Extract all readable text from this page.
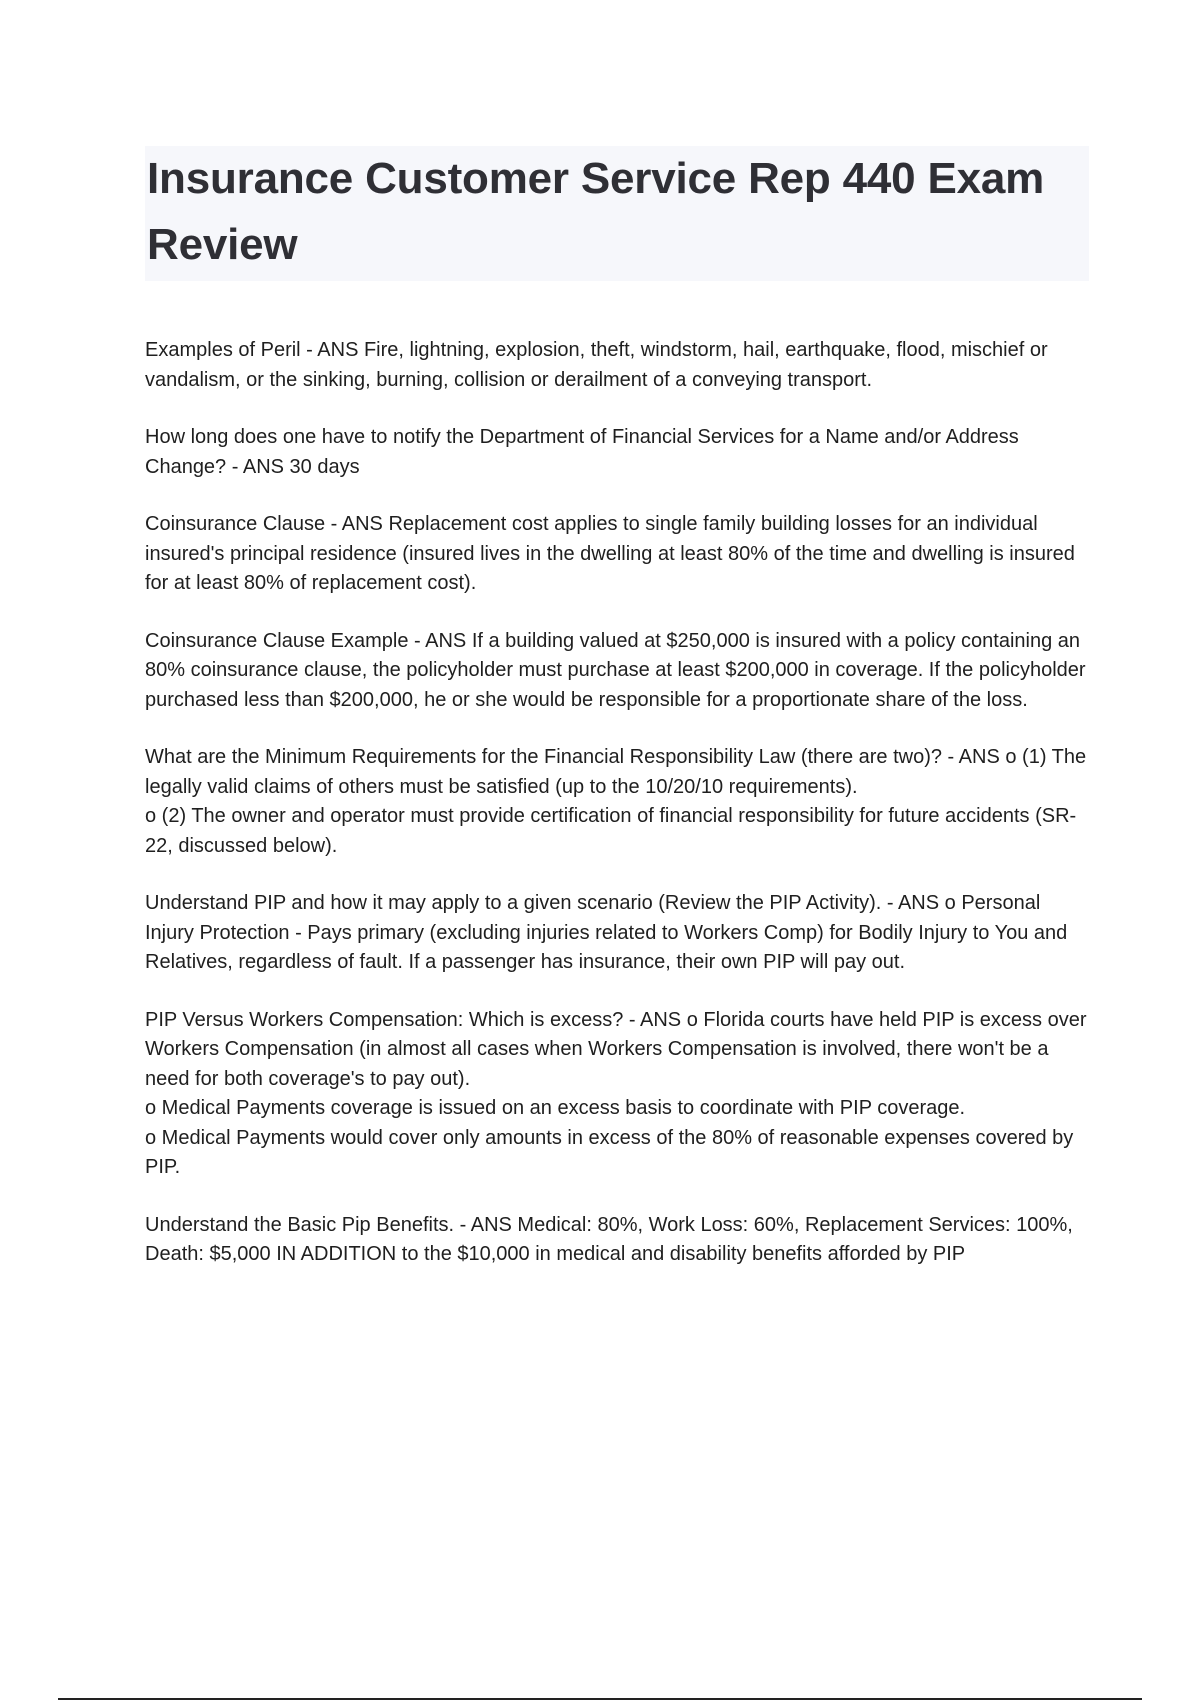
Insurance Customer Service Rep 440 Exam Review

Examples of Peril - ANS Fire, lightning, explosion, theft, windstorm, hail, earthquake, flood, mischief or vandalism, or the sinking, burning, collision or derailment of a conveying transport.

How long does one have to notify the Department of Financial Services for a Name and/or Address Change? - ANS 30 days

Coinsurance Clause - ANS Replacement cost applies to single family building losses for an individual insured's principal residence (insured lives in the dwelling at least 80% of the time and dwelling is insured for at least 80% of replacement cost).

Coinsurance Clause Example - ANS If a building valued at $250,000 is insured with a policy containing an 80% coinsurance clause, the policyholder must purchase at least $200,000 in coverage. If the policyholder purchased less than $200,000, he or she would be responsible for a proportionate share of the loss.

What are the Minimum Requirements for the Financial Responsibility Law (there are two)? - ANS o (1) The legally valid claims of others must be satisfied (up to the 10/20/10 requirements).
o (2) The owner and operator must provide certification of financial responsibility for future accidents (SR-22, discussed below).

Understand PIP and how it may apply to a given scenario (Review the PIP Activity). - ANS o Personal Injury Protection - Pays primary (excluding injuries related to Workers Comp) for Bodily Injury to You and Relatives, regardless of fault. If a passenger has insurance, their own PIP will pay out.

PIP Versus Workers Compensation: Which is excess? - ANS o Florida courts have held PIP is excess over Workers Compensation (in almost all cases when Workers Compensation is involved, there won't be a need for both coverage's to pay out).
o Medical Payments coverage is issued on an excess basis to coordinate with PIP coverage.
o Medical Payments would cover only amounts in excess of the 80% of reasonable expenses covered by PIP.

Understand the Basic Pip Benefits. - ANS Medical: 80%, Work Loss: 60%, Replacement Services: 100%, Death: $5,000 IN ADDITION to the $10,000 in medical and disability benefits afforded by PIP
